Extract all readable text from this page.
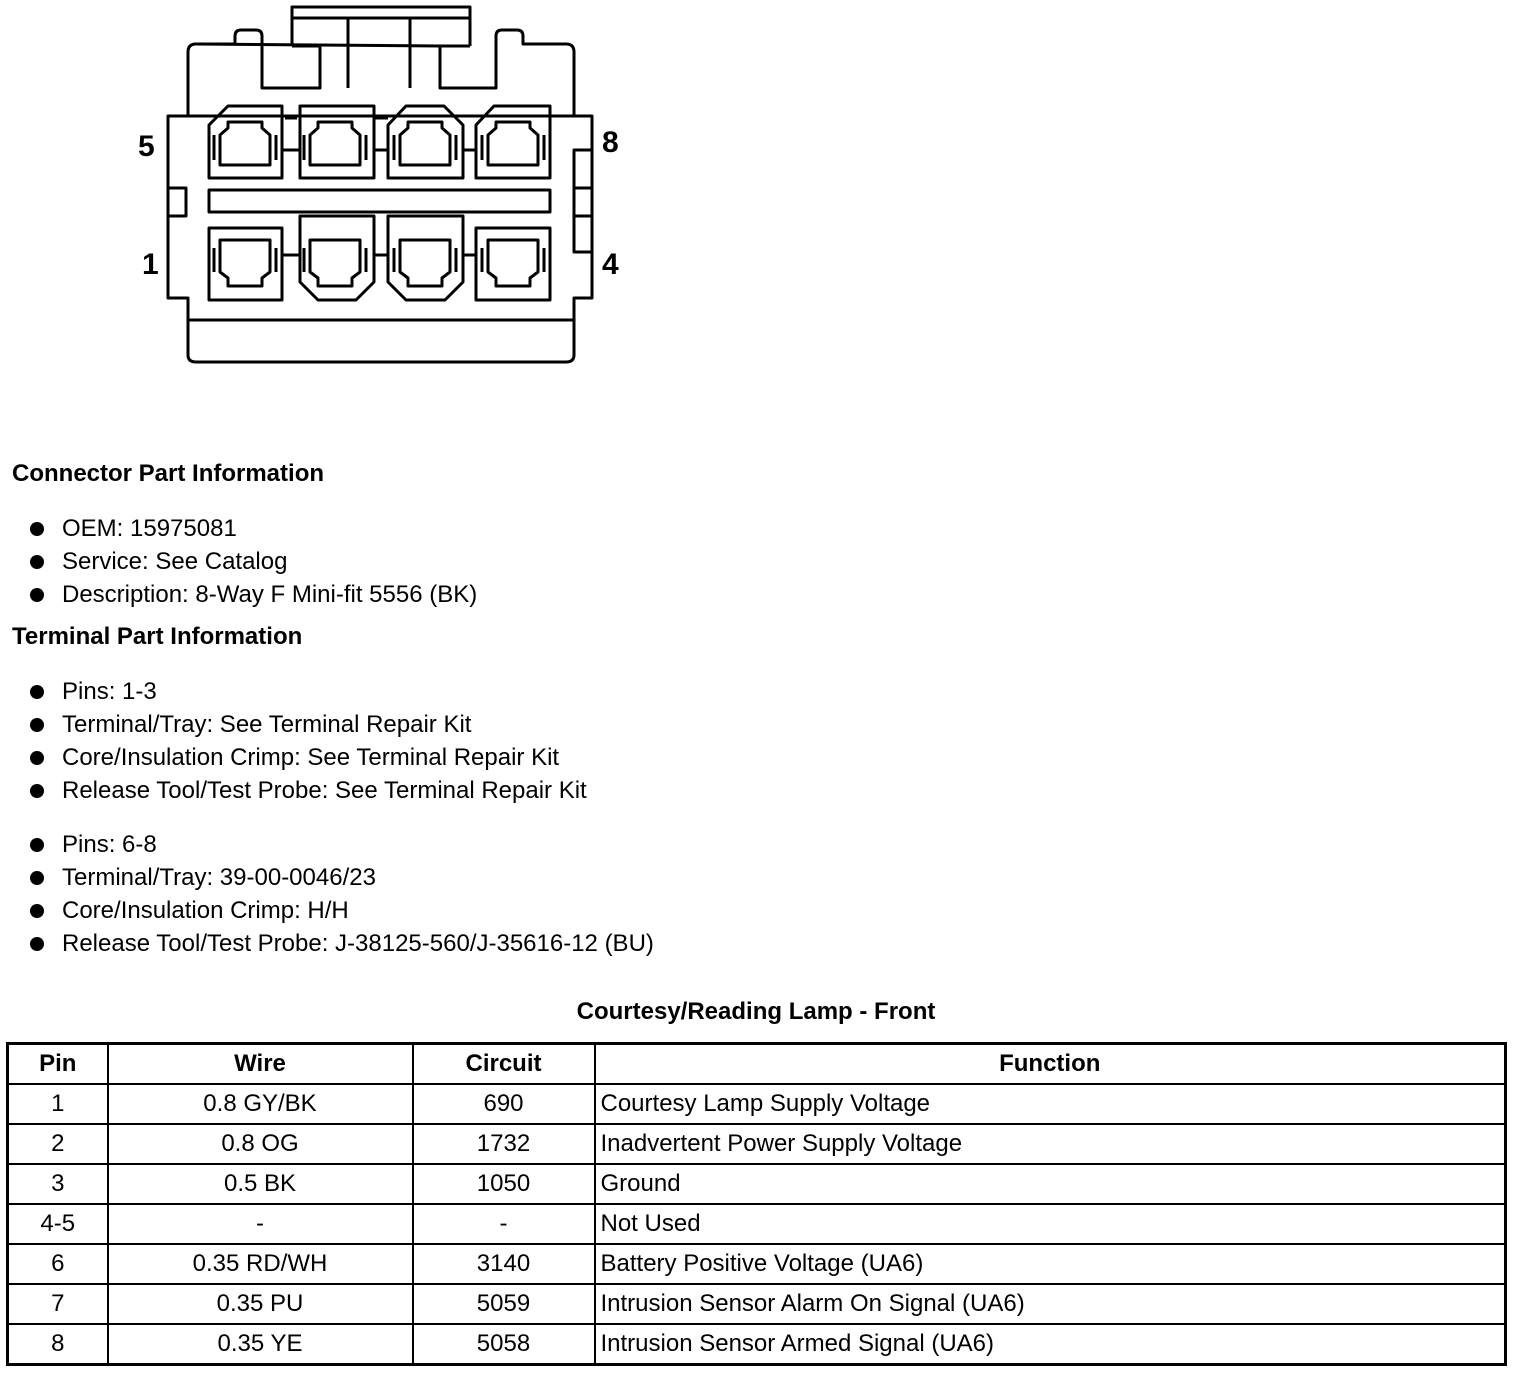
5	8
1	4
Connector Part Information
OEM: 15975081
Service: See Catalog
Description: 8-Way F Mini-fit 5556 (BK)
Terminal Part Information
Pins: 1-3
Terminal/Tray: See Terminal Repair Kit
Core/Insulation Crimp: See Terminal Repair Kit
Release Tool/Test Probe: See Terminal Repair Kit
Pins: 6-8
Terminal/Tray: 39-00-0046/23
Core/Insulation Crimp: H/H
Release Tool/Test Probe: J-38125-560/J-35616-12 (BU)
Courtesy/Reading Lamp - Front
Pin	Wire	Circuit	Function
1	0.8 GY/BK	690	Courtesy Lamp Supply Voltage
2	0.8 OG	1732	Inadvertent Power Supply Voltage
3	0.5 BK	1050	Ground
4-5	-	-	Not Used
6	0.35 RD/WH	3140	Battery Positive Voltage (UA6)
7	0.35 PU	5059	Intrusion Sensor Alarm On Signal (UA6)
8	0.35 YE	5058	Intrusion Sensor Armed Signal (UA6)
